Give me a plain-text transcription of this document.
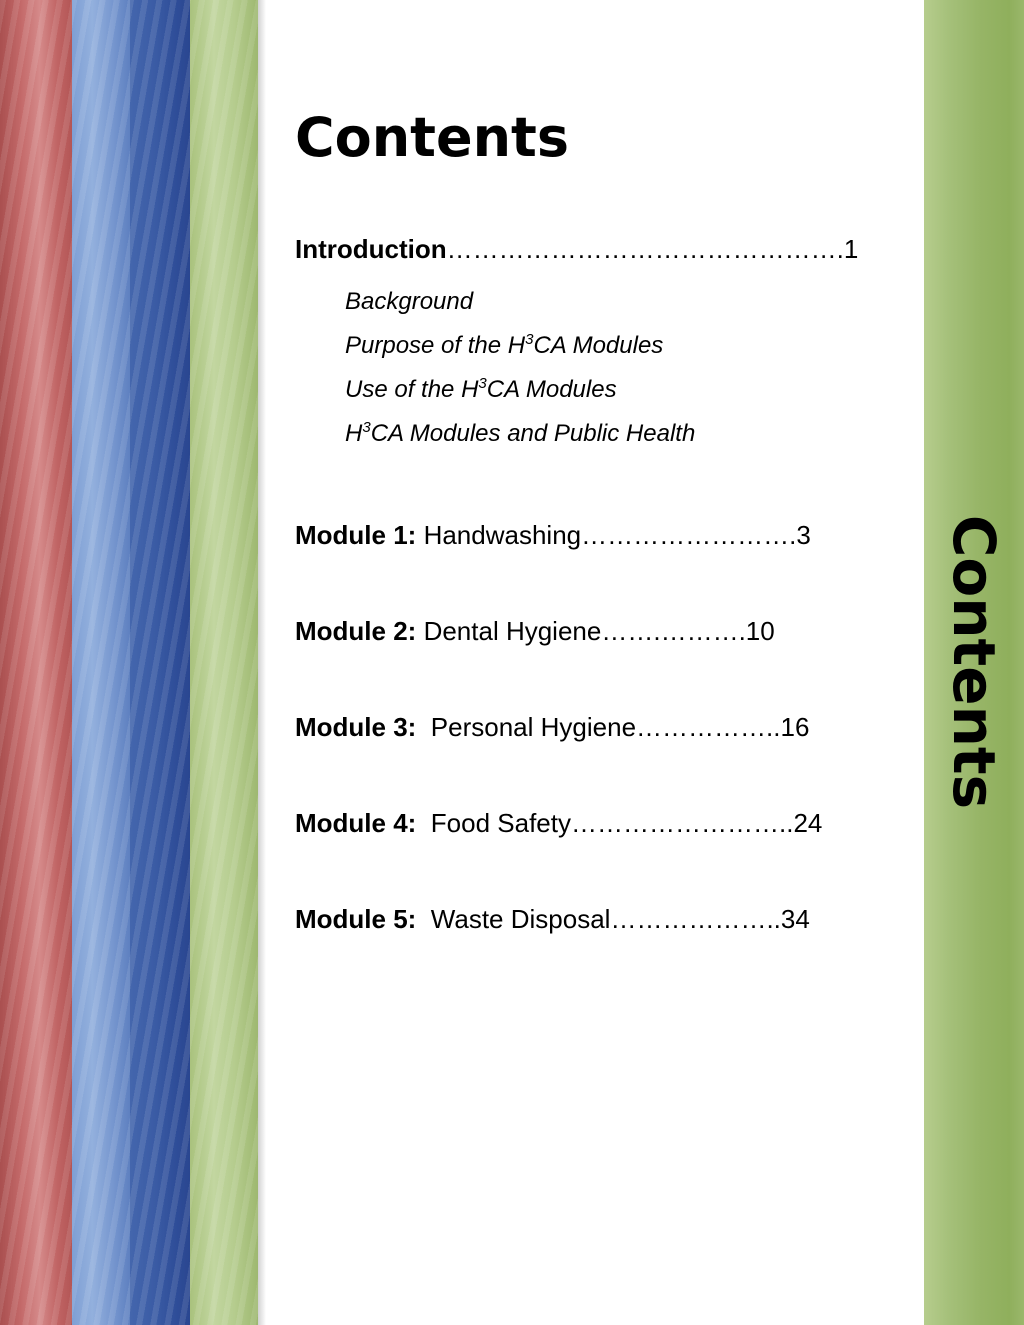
Contents
Contents
Introduction……………………………………….1
Background
Purpose of the $H^3CA$ Modules
Use of the $H^3CA$ Modules
$H^3CA$ Modules and Public Health
Module 1: Handwashing…………………….3
Module 2: Dental Hygiene…….……….10
Module 3:  Personal Hygiene……………..16
Module 4:  Food Safety……………………..24
Module 5:  Waste Disposal………………..34
